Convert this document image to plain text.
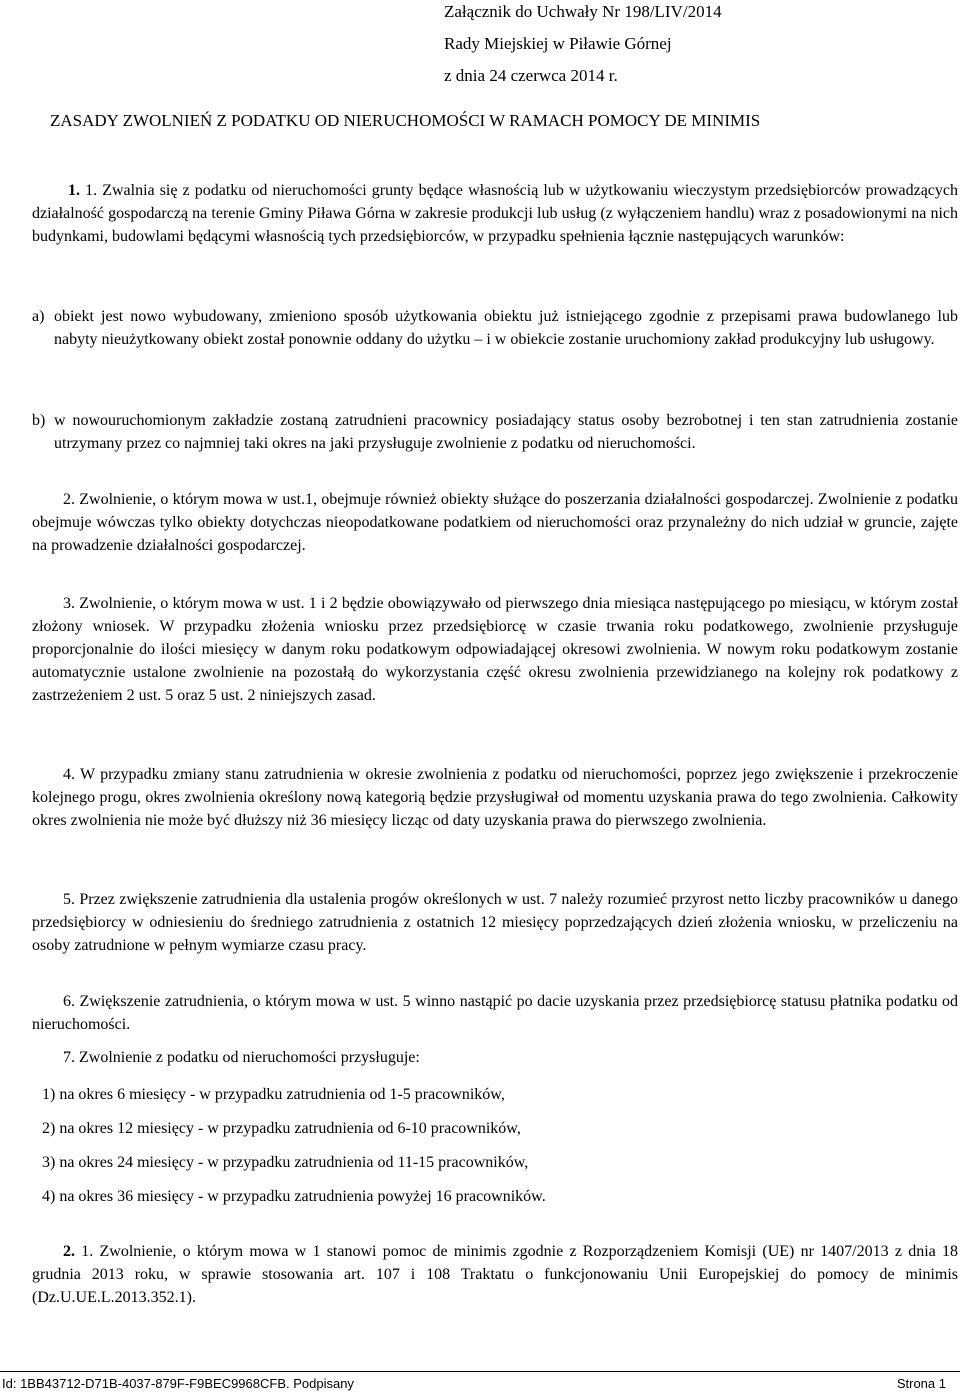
Załącznik do Uchwały Nr 198/LIV/2014
Rady Miejskiej w Piławie Górnej
z dnia 24 czerwca 2014 r.
ZASADY ZWOLNIEŃ Z PODATKU OD NIERUCHOMOŚCI W RAMACH POMOCY DE MINIMIS
1. 1. Zwalnia się z podatku od nieruchomości grunty będące własnością lub w użytkowaniu wieczystym przedsiębiorców prowadzących działalność gospodarczą na terenie Gminy Piława Górna w zakresie produkcji lub usług (z wyłączeniem handlu) wraz z posadowionymi na nich budynkami, budowlami będącymi własnością tych przedsiębiorców, w przypadku spełnienia łącznie następujących warunków:
a) obiekt jest nowo wybudowany, zmieniono sposób użytkowania obiektu już istniejącego zgodnie z przepisami prawa budowlanego lub nabyty nieużytkowany obiekt został ponownie oddany do użytku – i w obiekcie zostanie uruchomiony zakład produkcyjny lub usługowy.
b) w nowouruchomionym zakładzie zostaną zatrudnieni pracownicy posiadający status osoby bezrobotnej i ten stan zatrudnienia zostanie utrzymany przez co najmniej taki okres na jaki przysługuje zwolnienie z podatku od nieruchomości.
2. Zwolnienie, o którym mowa w ust.1, obejmuje również obiekty służące do poszerzania działalności gospodarczej. Zwolnienie z podatku obejmuje wówczas tylko obiekty dotychczas nieopodatkowane podatkiem od nieruchomości oraz przynależny do nich udział w gruncie, zajęte na prowadzenie działalności gospodarczej.
3. Zwolnienie, o którym mowa w ust. 1 i 2 będzie obowiązywało od pierwszego dnia miesiąca następującego po miesiącu, w którym został złożony wniosek. W przypadku złożenia wniosku przez przedsiębiorcę w czasie trwania roku podatkowego, zwolnienie przysługuje proporcjonalnie do ilości miesięcy w danym roku podatkowym odpowiadającej okresowi zwolnienia. W nowym roku podatkowym zostanie automatycznie ustalone zwolnienie na pozostałą do wykorzystania część okresu zwolnienia przewidzianego na kolejny rok podatkowy z zastrzeżeniem 2 ust. 5 oraz 5 ust. 2 niniejszych zasad.
4. W przypadku zmiany stanu zatrudnienia w okresie zwolnienia z podatku od nieruchomości, poprzez jego zwiększenie i przekroczenie kolejnego progu, okres zwolnienia określony nową kategorią będzie przysługiwał od momentu uzyskania prawa do tego zwolnienia. Całkowity okres zwolnienia nie może być dłuższy niż 36 miesięcy licząc od daty uzyskania prawa do pierwszego zwolnienia.
5. Przez zwiększenie zatrudnienia dla ustalenia progów określonych w ust. 7 należy rozumieć przyrost netto liczby pracowników u danego przedsiębiorcy w odniesieniu do średniego zatrudnienia z ostatnich 12 miesięcy poprzedzających dzień złożenia wniosku, w przeliczeniu na osoby zatrudnione w pełnym wymiarze czasu pracy.
6. Zwiększenie zatrudnienia, o którym mowa w ust. 5 winno nastąpić po dacie uzyskania przez przedsiębiorcę statusu płatnika podatku od nieruchomości.
7. Zwolnienie z podatku od nieruchomości przysługuje:
1) na okres 6 miesięcy - w przypadku zatrudnienia od 1-5 pracowników,
2) na okres 12 miesięcy - w przypadku zatrudnienia od 6-10 pracowników,
3) na okres 24 miesięcy - w przypadku zatrudnienia od 11-15 pracowników,
4) na okres 36 miesięcy - w przypadku zatrudnienia powyżej 16 pracowników.
2. 1. Zwolnienie, o którym mowa w 1 stanowi pomoc de minimis zgodnie z Rozporządzeniem Komisji (UE) nr 1407/2013 z dnia 18 grudnia 2013 roku, w sprawie stosowania art. 107 i 108 Traktatu o funkcjonowaniu Unii Europejskiej do pomocy de minimis (Dz.U.UE.L.2013.352.1).
Id: 1BB43712-D71B-4037-879F-F9BEC9968CFB. Podpisany	Strona 1
